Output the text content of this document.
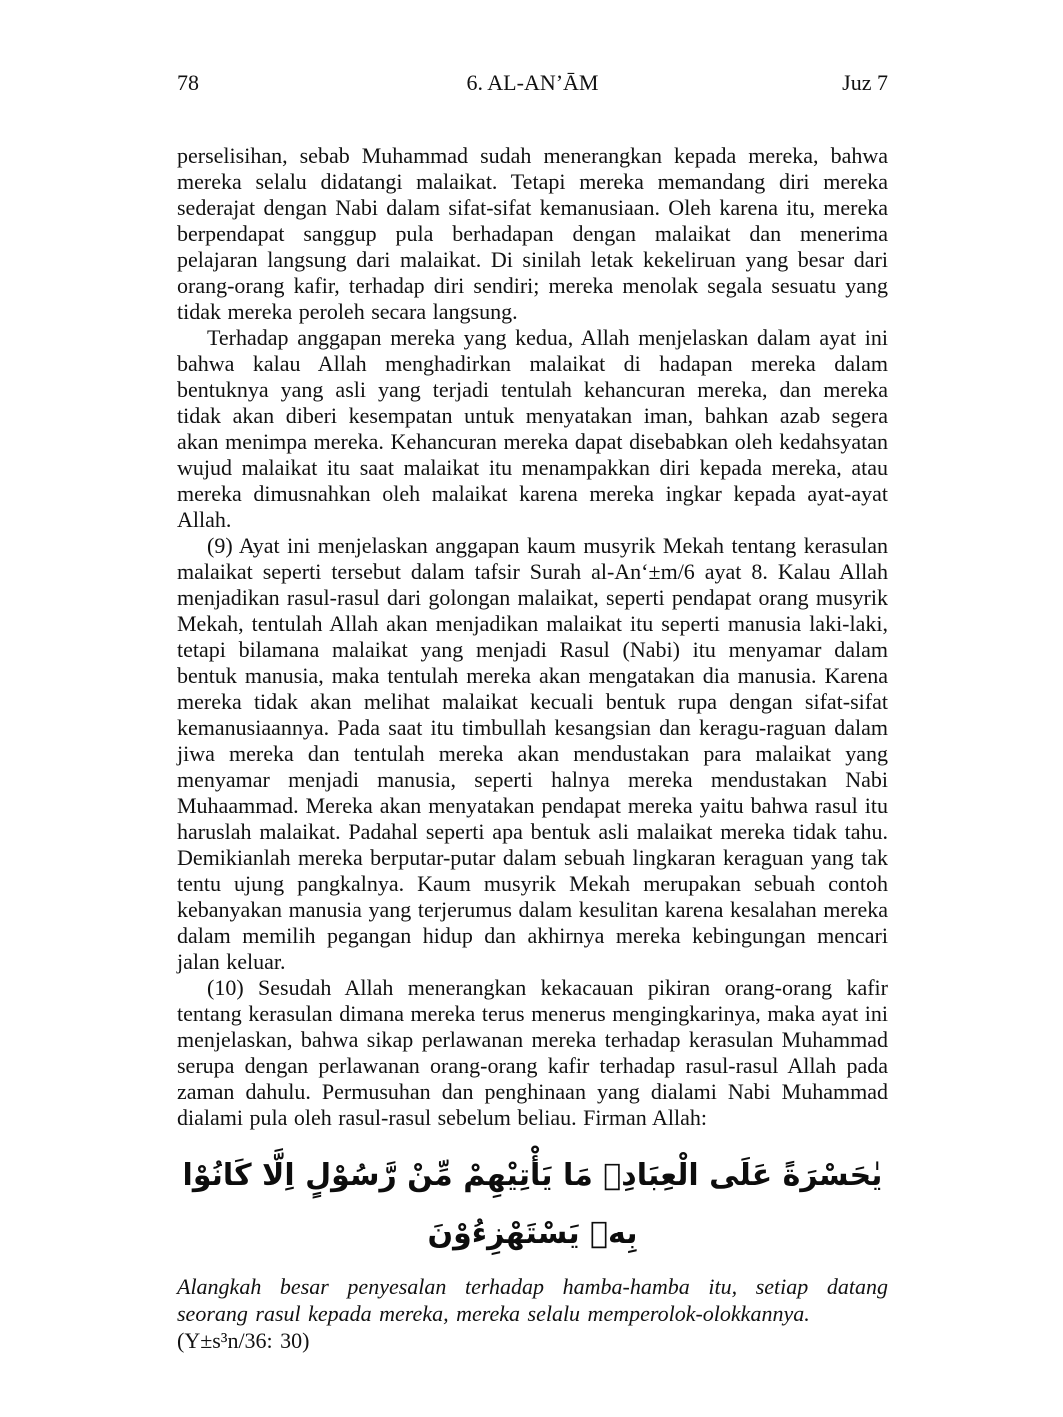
78	6. AL-AN’ĀM	Juz 7

perselisihan, sebab Muhammad sudah menerangkan kepada mereka, bahwa mereka selalu didatangi malaikat. Tetapi mereka memandang diri mereka sederajat dengan Nabi dalam sifat-sifat kemanusiaan. Oleh karena itu, mereka berpendapat sanggup pula berhadapan dengan malaikat dan menerima pelajaran langsung dari malaikat. Di sinilah letak kekeliruan yang besar dari orang-orang kafir, terhadap diri sendiri; mereka menolak segala sesuatu yang tidak mereka peroleh secara langsung.

Terhadap anggapan mereka yang kedua, Allah menjelaskan dalam ayat ini bahwa kalau Allah menghadirkan malaikat di hadapan mereka dalam bentuknya yang asli yang terjadi tentulah kehancuran mereka, dan mereka tidak akan diberi kesempatan untuk menyatakan iman, bahkan azab segera akan menimpa mereka. Kehancuran mereka dapat disebabkan oleh kedahsyatan wujud malaikat itu saat malaikat itu menampakkan diri kepada mereka, atau mereka dimusnahkan oleh malaikat karena mereka ingkar kepada ayat-ayat Allah.

(9) Ayat ini menjelaskan anggapan kaum musyrik Mekah tentang kerasulan malaikat seperti tersebut dalam tafsir Surah al-An‘±m/6 ayat 8. Kalau Allah menjadikan rasul-rasul dari golongan malaikat, seperti pendapat orang musyrik Mekah, tentulah Allah akan menjadikan malaikat itu seperti manusia laki-laki, tetapi bilamana malaikat yang menjadi Rasul (Nabi) itu menyamar dalam bentuk manusia, maka tentulah mereka akan mengatakan dia manusia. Karena mereka tidak akan melihat malaikat kecuali bentuk rupa dengan sifat-sifat kemanusiaannya. Pada saat itu timbullah kesangsian dan keragu-raguan dalam jiwa mereka dan tentulah mereka akan mendustakan para malaikat yang menyamar menjadi manusia, seperti halnya mereka mendustakan Nabi Muhaammad. Mereka akan menyatakan pendapat mereka yaitu bahwa rasul itu haruslah malaikat. Padahal seperti apa bentuk asli malaikat mereka tidak tahu. Demikianlah mereka berputar-putar dalam sebuah lingkaran keraguan yang tak tentu ujung pangkalnya. Kaum musyrik Mekah merupakan sebuah contoh kebanyakan manusia yang terjerumus dalam kesulitan karena kesalahan mereka dalam memilih pegangan hidup dan akhirnya mereka kebingungan mencari jalan keluar.

(10) Sesudah Allah menerangkan kekacauan pikiran orang-orang kafir tentang kerasulan dimana mereka terus menerus mengingkarinya, maka ayat ini menjelaskan, bahwa sikap perlawanan mereka terhadap kerasulan Muhammad serupa dengan perlawanan orang-orang kafir terhadap rasul-rasul Allah pada zaman dahulu. Permusuhan dan penghinaan yang dialami Nabi Muhammad dialami pula oleh rasul-rasul sebelum beliau. Firman Allah:

يٰحَسْرَةً عَلَى الْعِبَادِۚ مَا يَأْتِيْهِمْ مِّنْ رَّسُوْلٍ اِلَّا كَانُوْا بِهٖ يَسْتَهْزِءُوْنَ

Alangkah besar penyesalan terhadap hamba-hamba itu, setiap datang seorang rasul kepada mereka, mereka selalu memperolok-olokkannya.
(Y±s³n/36: 30)
